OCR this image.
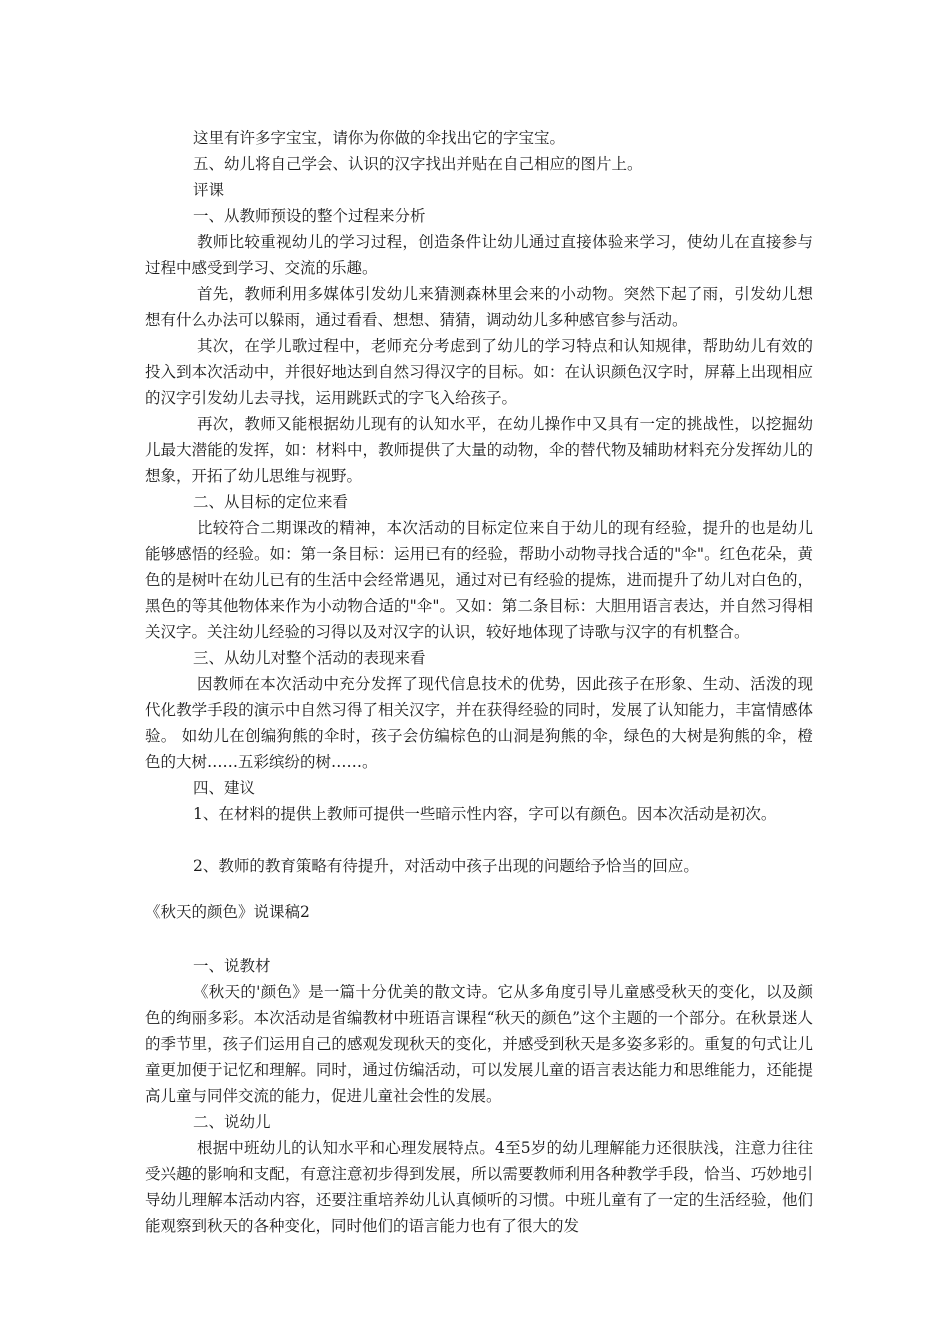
这里有许多字宝宝，请你为你做的伞找出它的字宝宝。

五、幼儿将自己学会、认识的汉字找出并贴在自己相应的图片上。

评课

一、从教师预设的整个过程来分析

教师比较重视幼儿的学习过程，创造条件让幼儿通过直接体验来学习，使幼儿在直接参与过程中感受到学习、交流的乐趣。

首先，教师利用多媒体引发幼儿来猜测森林里会来的小动物。突然下起了雨，引发幼儿想想有什么办法可以躲雨，通过看看、想想、猜猜，调动幼儿多种感官参与活动。

其次，在学儿歌过程中，老师充分考虑到了幼儿的学习特点和认知规律，帮助幼儿有效的投入到本次活动中，并很好地达到自然习得汉字的目标。如：在认识颜色汉字时，屏幕上出现相应的汉字引发幼儿去寻找，运用跳跃式的字飞入给孩子。

再次，教师又能根据幼儿现有的认知水平，在幼儿操作中又具有一定的挑战性，以挖掘幼儿最大潜能的发挥，如：材料中，教师提供了大量的动物，伞的替代物及辅助材料充分发挥幼儿的想象，开拓了幼儿思维与视野。

二、从目标的定位来看

比较符合二期课改的精神，本次活动的目标定位来自于幼儿的现有经验，提升的也是幼儿能够感悟的经验。如：第一条目标：运用已有的经验，帮助小动物寻找合适的"伞"。红色花朵，黄色的是树叶在幼儿已有的生活中会经常遇见，通过对已有经验的提炼，进而提升了幼儿对白色的，黑色的等其他物体来作为小动物合适的"伞"。又如：第二条目标：大胆用语言表达，并自然习得相关汉字。关注幼儿经验的习得以及对汉字的认识，较好地体现了诗歌与汉字的有机整合。

三、从幼儿对整个活动的表现来看

因教师在本次活动中充分发挥了现代信息技术的优势，因此孩子在形象、生动、活泼的现代化教学手段的演示中自然习得了相关汉字，并在获得经验的同时，发展了认知能力，丰富情感体验。 如幼儿在创编狗熊的伞时，孩子会仿编棕色的山洞是狗熊的伞，绿色的大树是狗熊的伞，橙色的大树……五彩缤纷的树……。

四、建议

1、在材料的提供上教师可提供一些暗示性内容，字可以有颜色。因本次活动是初次。

2、教师的教育策略有待提升，对活动中孩子出现的问题给予恰当的回应。

《秋天的颜色》说课稿2

一、说教材

《秋天的'颜色》是一篇十分优美的散文诗。它从多角度引导儿童感受秋天的变化，以及颜色的绚丽多彩。本次活动是省编教材中班语言课程“秋天的颜色”这个主题的一个部分。在秋景迷人的季节里，孩子们运用自己的感观发现秋天的变化，并感受到秋天是多姿多彩的。重复的句式让儿童更加便于记忆和理解。同时，通过仿编活动，可以发展儿童的语言表达能力和思维能力，还能提高儿童与同伴交流的能力，促进儿童社会性的发展。

二、说幼儿

根据中班幼儿的认知水平和心理发展特点。4至5岁的幼儿理解能力还很肤浅，注意力往往受兴趣的影响和支配，有意注意初步得到发展，所以需要教师利用各种教学手段，恰当、巧妙地引导幼儿理解本活动内容，还要注重培养幼儿认真倾听的习惯。中班儿童有了一定的生活经验，他们能观察到秋天的各种变化，同时他们的语言能力也有了很大的发
